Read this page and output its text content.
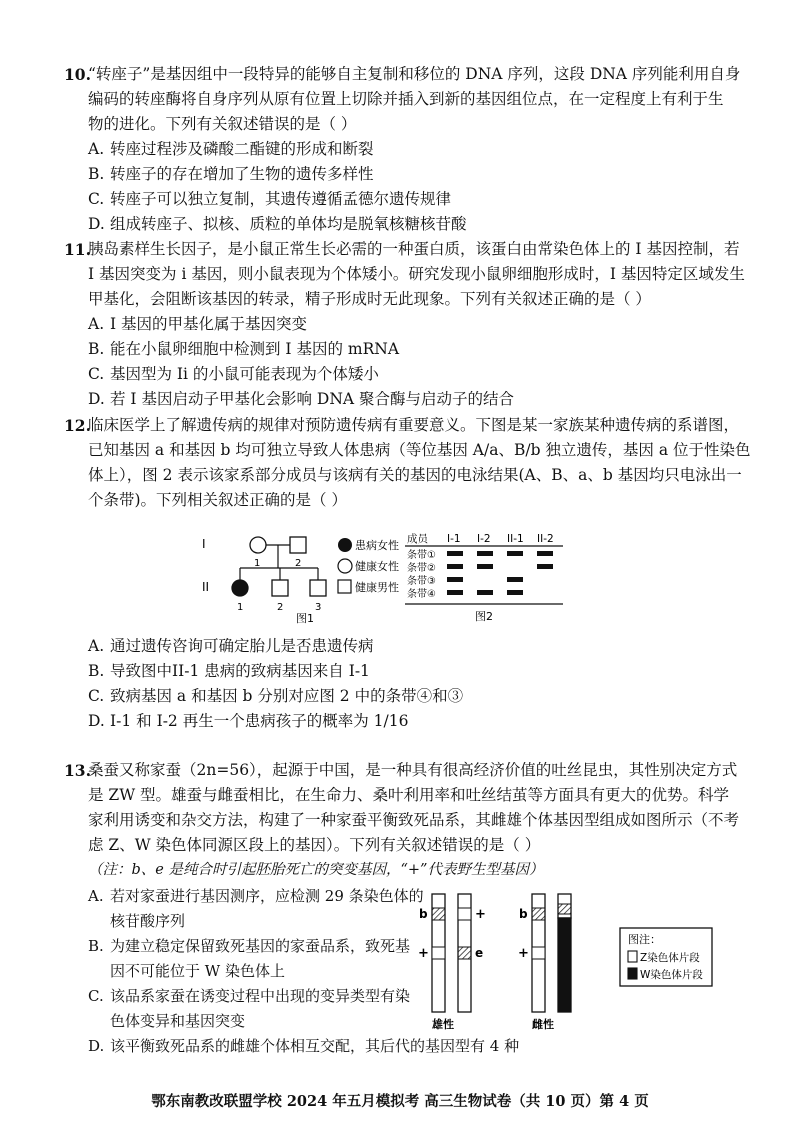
10.
“转座子”是基因组中一段特异的能够自主复制和移位的 DNA 序列，这段 DNA 序列能利用自身
编码的转座酶将自身序列从原有位置上切除并插入到新的基因组位点，在一定程度上有利于生
物的进化。下列有关叙述错误的是（ ）
A. 转座过程涉及磷酸二酯键的形成和断裂
B. 转座子的存在增加了生物的遗传多样性
C. 转座子可以独立复制，其遗传遵循孟德尔遗传规律
D. 组成转座子、拟核、质粒的单体均是脱氧核糖核苷酸
11.
胰岛素样生长因子，是小鼠正常生长必需的一种蛋白质，该蛋白由常染色体上的 I 基因控制，若
I 基因突变为 i 基因，则小鼠表现为个体矮小。研究发现小鼠卵细胞形成时，I 基因特定区域发生
甲基化，会阻断该基因的转录，精子形成时无此现象。下列有关叙述正确的是（ ）
A. I 基因的甲基化属于基因突变
B. 能在小鼠卵细胞中检测到 I 基因的 mRNA
C. 基因型为 Ii 的小鼠可能表现为个体矮小
D. 若 I 基因启动子甲基化会影响 DNA 聚合酶与启动子的结合
12.
临床医学上了解遗传病的规律对预防遗传病有重要意义。下图是某一家族某种遗传病的系谱图，
已知基因 a 和基因 b 均可独立导致人体患病（等位基因 A/a、B/b 独立遗传，基因 a 位于性染色
体上），图 2 表示该家系部分成员与该病有关的基因的电泳结果(A、B、a、b 基因均只电泳出一
个条带)。下列相关叙述正确的是（ ）
I
II
1	2
1	2	3
图1
患病女性
健康女性
健康男性
成员 I-1 I-2 II-1 II-2
条带①
条带②
条带③
条带④
图2
A. 通过遗传咨询可确定胎儿是否患遗传病
B. 导致图中II-1 患病的致病基因来自 I-1
C. 致病基因 a 和基因 b 分别对应图 2 中的条带④和③
D. I-1 和 I-2 再生一个患病孩子的概率为 1/16
13.
桑蚕又称家蚕（2n=56），起源于中国，是一种具有很高经济价值的吐丝昆虫，其性别决定方式
是 ZW 型。雄蚕与雌蚕相比，在生命力、桑叶利用率和吐丝结茧等方面具有更大的优势。科学
家利用诱变和杂交方法，构建了一种家蚕平衡致死品系，其雌雄个体基因型组成如图所示（不考
虑 Z、W 染色体同源区段上的基因）。下列有关叙述错误的是（ ）
（注：b、e 是纯合时引起胚胎死亡的突变基因，“+”代表野生型基因）
A. 若对家蚕进行基因测序，应检测 29 条染色体的
核苷酸序列
B. 为建立稳定保留致死基因的家蚕品系，致死基
因不可能位于 W 染色体上
C. 该品系家蚕在诱变过程中出现的变异类型有染
色体变异和基因突变
D. 该平衡致死品系的雌雄个体相互交配，其后代的基因型有 4 种
b	+
+	e
雄性
b
+
雌性
图注：
Z染色体片段
W染色体片段
鄂东南教改联盟学校 2024 年五月模拟考 高三生物试卷（共 10 页）第 4 页
